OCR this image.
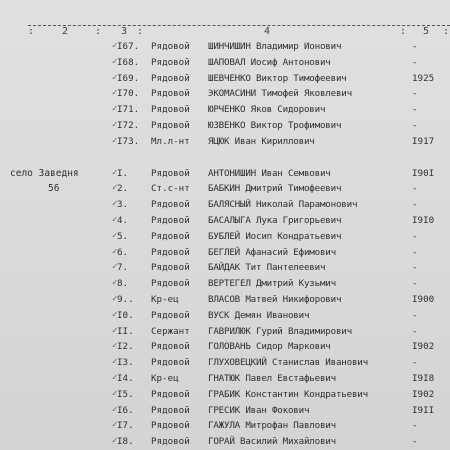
:	2	: 3 :	4	: 5 :
✓ I67. Рядовой ШИНЧИШИН Владимир Ионович	-
✓ I68. Рядовой ШАПОВАЛ Иосиф Антонович	-
✓ I69. Рядовой ШЕВЧЕНКО Виктор Тимофеевич	1925
✓ I70. Рядовой ЭКОМАСИНИ Тимофей Яковлевич	-
✓ I71. Рядовой ЮРЧЕНКО Яков Сидорович	-
✓ I72. Рядовой ЮЗВЕНКО Виктор Трофимович	-
✓ I73. Мл.л-нт ЯЦЮК Иван Кириллович	I917
село Заведня	✓ I. Рядовой АНТОНИШИН Иван Семвович	I90I
56	✓ 2. Ст.с-нт БАБКИН Дмитрий Тимофеевич	-
✓ 3. Рядовой БАЛЯСНЫЙ Николай Парамонович	-
✓ 4. Рядовой БАСАЛЫГА Лука Григорьевич	I9I0
✓ 5. Рядовой БУБЛЕЙ Иосип Кондратьевич	-
✓ 6. Рядовой БЕГЛЕЙ Афанасий Ефимович	-
✓ 7. Рядовой БАЙДАК Тит Пантелеевич	-
✓ 8. Рядовой ВЕРТЕГЕЛ Дмитрий Кузьмич	-
✓ 9.. Кр-ец	ВЛАСОВ Матвей Никифорович	I900
✓ I0. Рядовой ВУСК Демян Иванович	-
✓ II. Сержант ГАВРИЛЮК Гурий Владимирович	-
✓ I2. Рядовой ГОЛОВАНЬ Сидор Маркович	I902
✓ I3. Рядовой ГЛУХОВЕЦКИЙ Станислав Иванович	-
✓ I4. Кр-ец	ГНАТЮК Павел Евстафьевич	I9I8
✓ I5. Рядовой ГРАБИК Константин Кондратьевич	I902
✓ I6. Рядовой ГРЕСИК Иван Фокович	I9II
✓ I7. Рядовой ГАЖУЛА Митрофан Павлович	-
✓ I8. Рядовой ГОРАЙ Василий Михайлович	-
